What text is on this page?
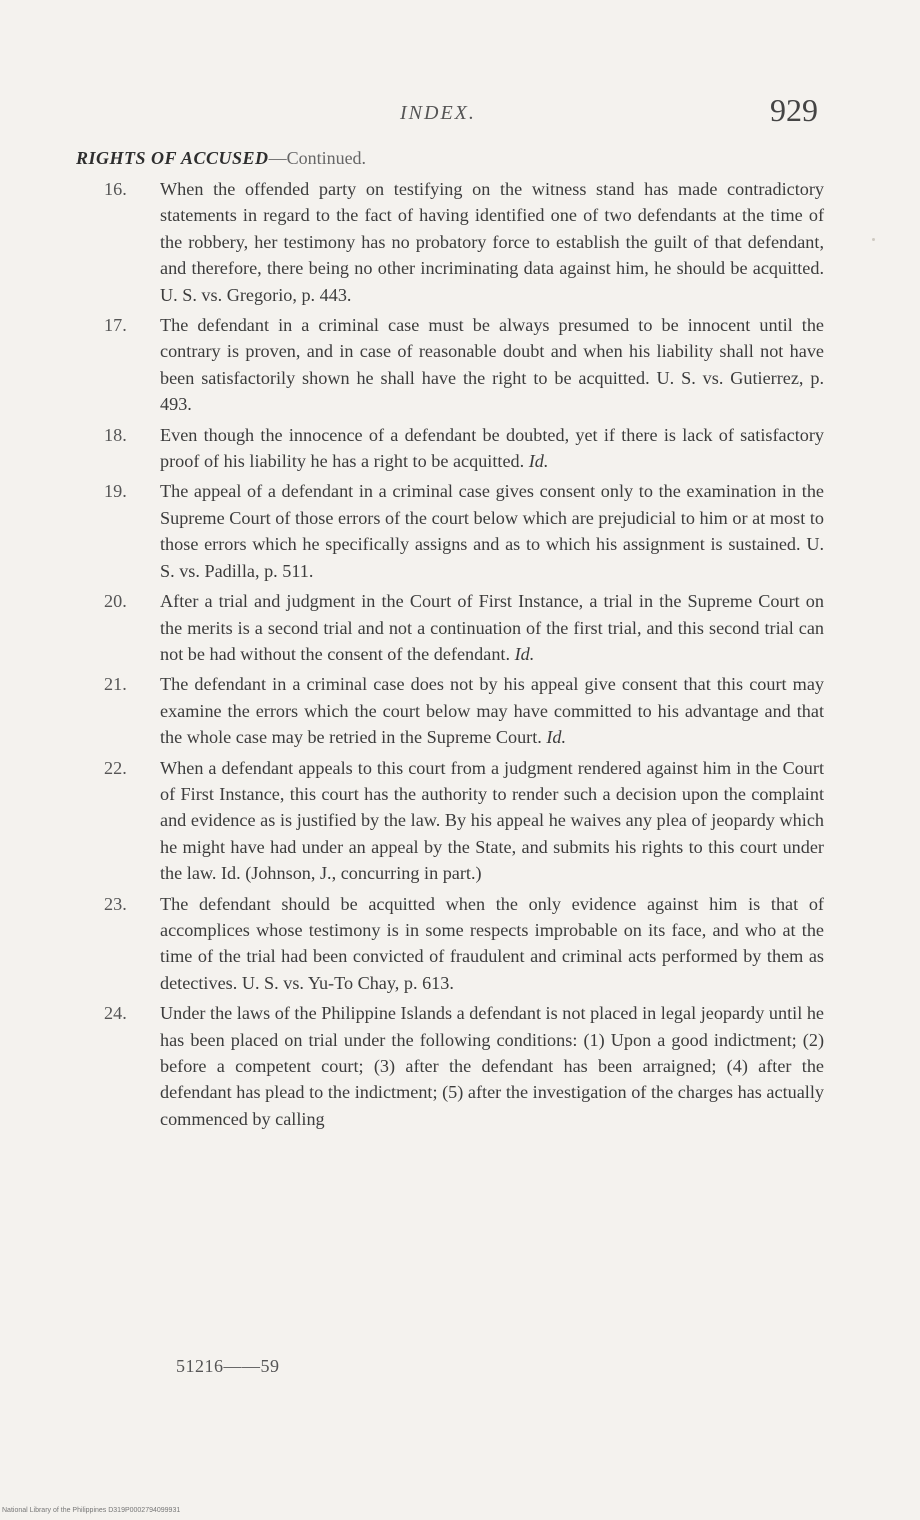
INDEX.	929
RIGHTS OF ACCUSED—Continued.
16. When the offended party on testifying on the witness stand has made contradictory statements in regard to the fact of having identified one of two defendants at the time of the robbery, her testimony has no probatory force to establish the guilt of that defendant, and therefore, there being no other incriminating data against him, he should be acquitted. U. S. vs. Gregorio, p. 443.
17. The defendant in a criminal case must be always presumed to be innocent until the contrary is proven, and in case of reasonable doubt and when his liability shall not have been satisfactorily shown he shall have the right to be acquitted. U. S. vs. Gutierrez, p. 493.
18. Even though the innocence of a defendant be doubted, yet if there is lack of satisfactory proof of his liability he has a right to be acquitted. Id.
19. The appeal of a defendant in a criminal case gives consent only to the examination in the Supreme Court of those errors of the court below which are prejudicial to him or at most to those errors which he specifically assigns and as to which his assignment is sustained. U. S. vs. Padilla, p. 511.
20. After a trial and judgment in the Court of First Instance, a trial in the Supreme Court on the merits is a second trial and not a continuation of the first trial, and this second trial can not be had without the consent of the defendant. Id.
21. The defendant in a criminal case does not by his appeal give consent that this court may examine the errors which the court below may have committed to his advantage and that the whole case may be retried in the Supreme Court. Id.
22. When a defendant appeals to this court from a judgment rendered against him in the Court of First Instance, this court has the authority to render such a decision upon the complaint and evidence as is justified by the law. By his appeal he waives any plea of jeopardy which he might have had under an appeal by the State, and submits his rights to this court under the law. Id. (Johnson, J., concurring in part.)
23. The defendant should be acquitted when the only evidence against him is that of accomplices whose testimony is in some respects improbable on its face, and who at the time of the trial had been convicted of fraudulent and criminal acts performed by them as detectives. U. S. vs. Yu-To Chay, p. 613.
24. Under the laws of the Philippine Islands a defendant is not placed in legal jeopardy until he has been placed on trial under the following conditions: (1) Upon a good indictment; (2) before a competent court; (3) after the defendant has been arraigned; (4) after the defendant has plead to the indictment; (5) after the investigation of the charges has actually commenced by calling
51216——59
National Library of the Philippines D319P0002794099931
